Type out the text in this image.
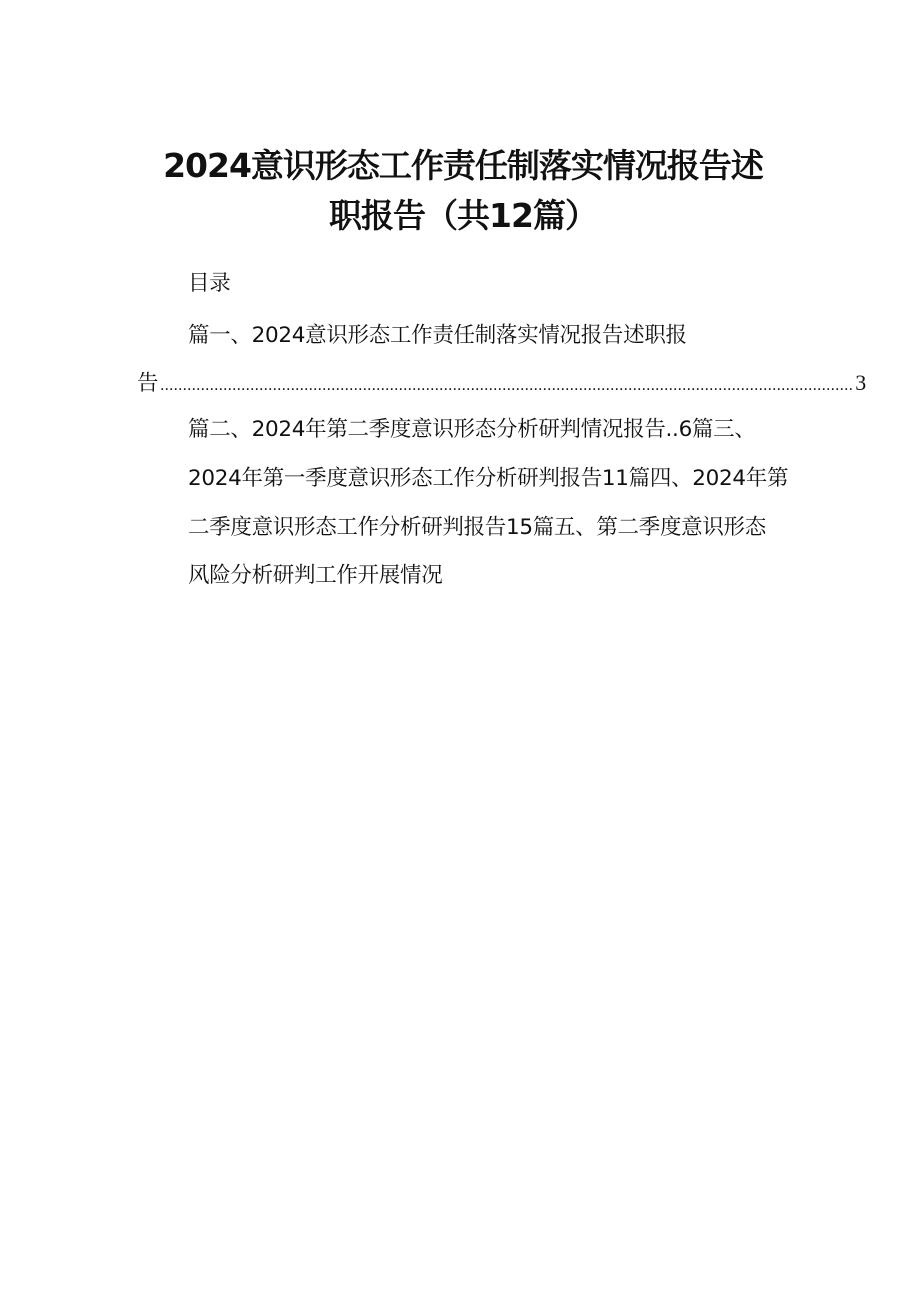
2024意识形态工作责任制落实情况报告述
职报告（共12篇）
目录
篇一、2024意识形态工作责任制落实情况报告述职报
告 .......................................................................................................................................................... 3
篇二、2024年第二季度意识形态分析研判情况报告..6篇三、
2024年第一季度意识形态工作分析研判报告11篇四、2024年第
二季度意识形态工作分析研判报告15篇五、第二季度意识形态
风险分析研判工作开展情况
